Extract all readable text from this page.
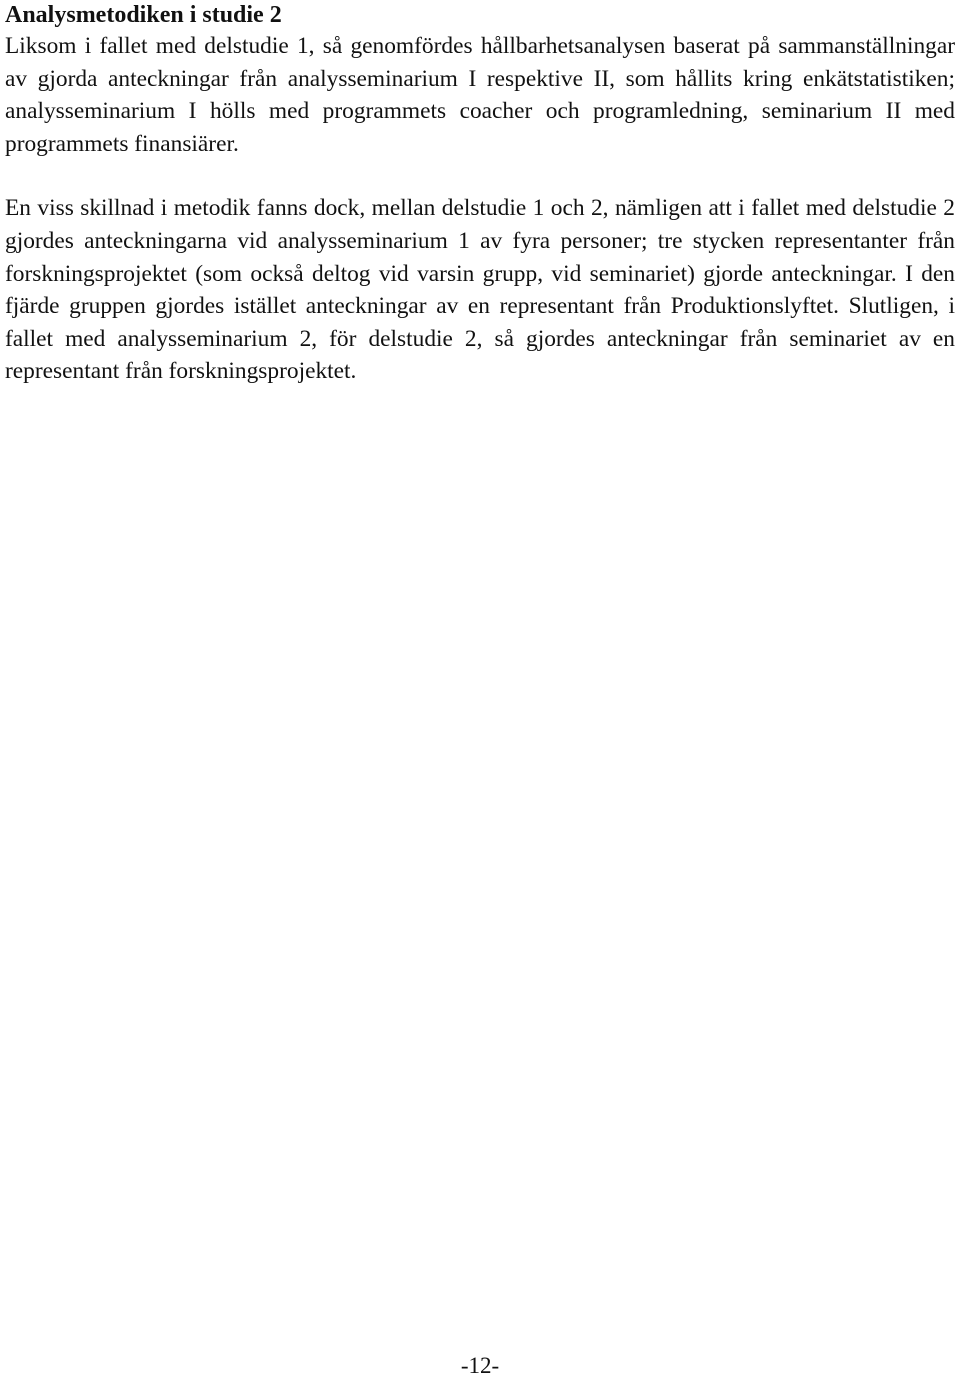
Analysmetodiken i studie 2

Liksom i fallet med delstudie 1, så genomfördes hållbarhetsanalysen baserat på sammanställningar av gjorda anteckningar från analysseminarium I respektive II, som hållits kring enkätstatistiken; analysseminarium I hölls med programmets coacher och programledning, seminarium II med programmets finansiärer.

En viss skillnad i metodik fanns dock, mellan delstudie 1 och 2, nämligen att i fallet med delstudie 2 gjordes anteckningarna vid analysseminarium 1 av fyra personer; tre stycken representanter från forskningsprojektet (som också deltog vid varsin grupp, vid seminariet) gjorde anteckningar. I den fjärde gruppen gjordes istället anteckningar av en representant från Produktionslyftet. Slutligen, i fallet med analysseminarium 2, för delstudie 2, så gjordes anteckningar från seminariet av en representant från forskningsprojektet.

-12-
